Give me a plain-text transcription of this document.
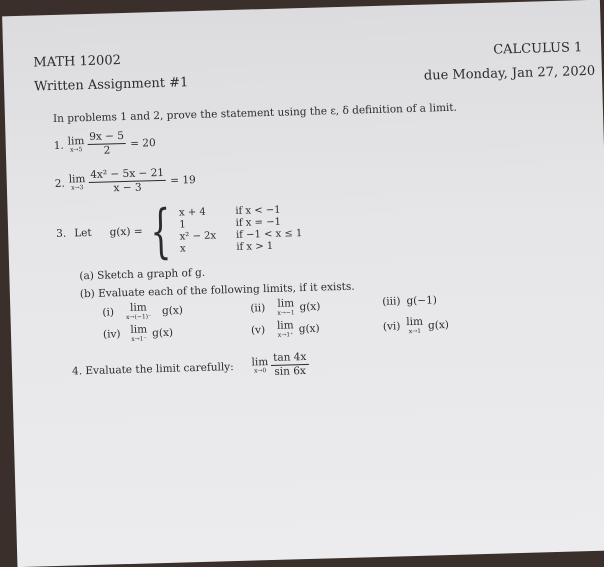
MATH 12002
CALCULUS 1
Written Assignment #1
due Monday, Jan 27, 2020
In problems 1 and 2, prove the statement using the ε, δ definition of a limit.
1. lim
$x\to 5 \frac{9x - 5}{2} = 20$
2. lim
$x\to 3 \frac{\text{4x² − 5x − 21}}{x - 3} = 19$
3. Let g(x) = { x + 4	if x < −1
1	if x = −1
x² − 2x if −1 < x ≤ 1
x	if x > 1
(a) Sketch a graph of g.
(b) Evaluate each of the following limits, if it exists.
(i) lim
x→(−1)⁻ g(x)	(ii) lim
x→−1 g(x)	(iii) g(−1)
(iv) lim
x→1⁻ g(x)	(v) lim
x→1⁺ g(x)	(vi) lim
x→1 g(x)
4. Evaluate the limit carefully: lim
$x\to 0 \frac{\tan 4x}{\sin 6x}$
